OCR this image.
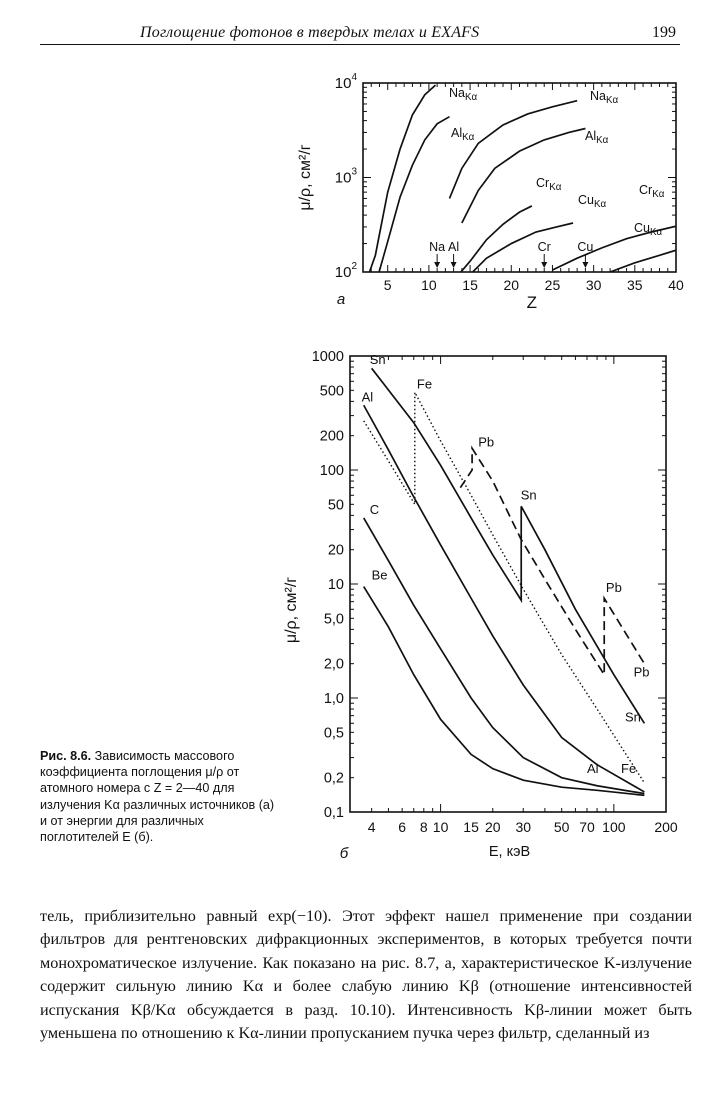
Поглощение фотонов в твердых телах и EXAFS	199
5 10 15 20 25 30 35 40
$10^2$
$10^3$
$10^4$
μ/ρ, см²/г
Z
а
$Na_{K\alpha}$
$Al_{K\alpha}$
$Na_{K\alpha}$
$Al_{K\alpha}$
$Cr_{K\alpha}$
$Cu_{K\alpha}$
$Cr_{K\alpha}$
$Cu_{K\alpha}$
Na Al	Cr Cu
4 6 8 10 15 20 30 50 70 100 200
0,1
0,2
0,5
1,0
2,0
5,0
10
20
50
100
200
500
1000
μ/ρ, см²/г
E, кэВ
б
Sn
Fe
Al
Pb
Sn
C
Be
Pb
Pb
Sn
Al Fe
Рис. 8.6. Зависимость массового коэффициента поглощения μ/ρ от атомного номера с Z = 2—40 для излучения Kα различных источников (а) и от энергии для различных поглотителей E (б).

тель, приблизительно равный exp(−10). Этот эффект нашел применение при создании фильтров для рентгеновских дифракционных экспериментов, в которых требуется почти монохроматическое излучение. Как показано на рис. 8.7, а, характеристическое K-излучение содержит сильную линию Kα и более слабую линию Kβ (отношение интенсивностей испускания Kβ/Kα обсуждается в разд. 10.10). Интенсивность Kβ-линии может быть уменьшена по отношению к Kα-линии пропусканием пучка через фильтр, сделанный из
